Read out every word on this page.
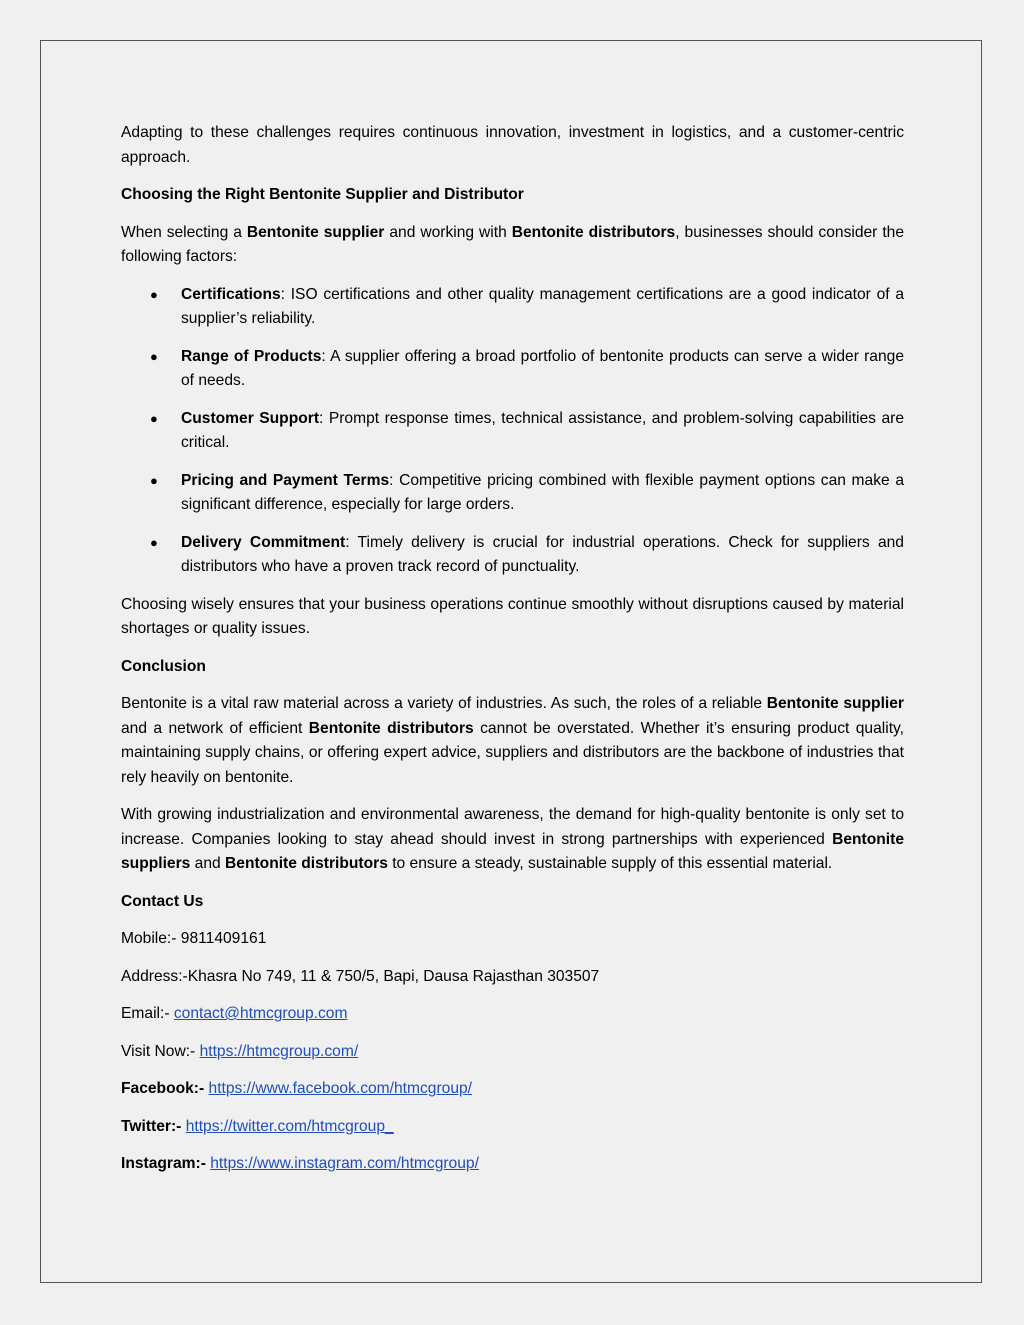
Adapting to these challenges requires continuous innovation, investment in logistics, and a customer-centric approach.

Choosing the Right Bentonite Supplier and Distributor

When selecting a Bentonite supplier and working with Bentonite distributors, businesses should consider the following factors:

● Certifications: ISO certifications and other quality management certifications are a good indicator of a supplier’s reliability.
● Range of Products: A supplier offering a broad portfolio of bentonite products can serve a wider range of needs.
● Customer Support: Prompt response times, technical assistance, and problem-solving capabilities are critical.
● Pricing and Payment Terms: Competitive pricing combined with flexible payment options can make a significant difference, especially for large orders.
● Delivery Commitment: Timely delivery is crucial for industrial operations. Check for suppliers and distributors who have a proven track record of punctuality.

Choosing wisely ensures that your business operations continue smoothly without disruptions caused by material shortages or quality issues.

Conclusion

Bentonite is a vital raw material across a variety of industries. As such, the roles of a reliable Bentonite supplier and a network of efficient Bentonite distributors cannot be overstated. Whether it’s ensuring product quality, maintaining supply chains, or offering expert advice, suppliers and distributors are the backbone of industries that rely heavily on bentonite.

With growing industrialization and environmental awareness, the demand for high-quality bentonite is only set to increase. Companies looking to stay ahead should invest in strong partnerships with experienced Bentonite suppliers and Bentonite distributors to ensure a steady, sustainable supply of this essential material.

Contact Us

Mobile:- 9811409161

Address:-Khasra No 749, 11 & 750/5, Bapi, Dausa Rajasthan 303507

Email:- contact@htmcgroup.com

Visit Now:- https://htmcgroup.com/

Facebook:- https://www.facebook.com/htmcgroup/

Twitter:- https://twitter.com/htmcgroup_

Instagram:- https://www.instagram.com/htmcgroup/
